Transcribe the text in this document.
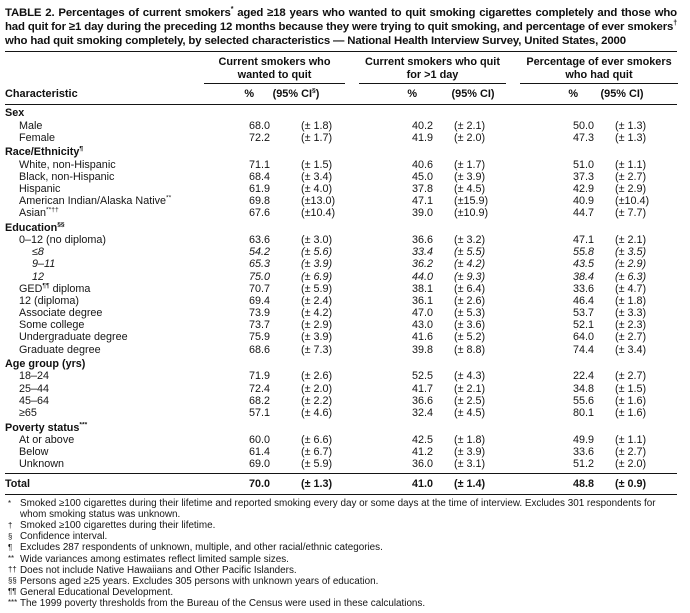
TABLE 2. Percentages of current smokers* aged ≥18 years who wanted to quit smoking cigarettes completely and those who had quit for ≥1 day during the preceding 12 months because they were trying to quit smoking, and percentage of ever smokers† who had quit smoking completely, by selected characteristics — National Health Interview Survey, United States, 2000
Current smokers who wanted to quit
Current smokers who quit for >1 day
Percentage of ever smokers who had quit
Characteristic	%	(95% CI§)	%	(95% CI)	%	(95% CI)
Sex
Male	68.0	(± 1.8)	40.2	(± 2.1)	50.0	(± 1.3)
Female	72.2	(± 1.7)	41.9	(± 2.0)	47.3	(± 1.3)
Race/Ethnicity¶
White, non-Hispanic	71.1	(± 1.5)	40.6	(± 1.7)	51.0	(± 1.1)
Black, non-Hispanic	68.4	(± 3.4)	45.0	(± 3.9)	37.3	(± 2.7)
Hispanic	61.9	(± 4.0)	37.8	(± 4.5)	42.9	(± 2.9)
American Indian/Alaska Native**	69.8	(±13.0)	47.1	(±15.9)	40.9	(±10.4)
Asian**††	67.6	(±10.4)	39.0	(±10.9)	44.7	(± 7.7)
Education§§
0–12 (no diploma)	63.6	(± 3.0)	36.6	(± 3.2)	47.1	(± 2.1)
≤8	54.2	(± 5.6)	33.4	(± 5.5)	55.8	(± 3.5)
9–11	65.3	(± 3.9)	36.2	(± 4.2)	43.5	(± 2.9)
12	75.0	(± 6.9)	44.0	(± 9.3)	38.4	(± 6.3)
GED¶¶ diploma	70.7	(± 5.9)	38.1	(± 6.4)	33.6	(± 4.7)
12 (diploma)	69.4	(± 2.4)	36.1	(± 2.6)	46.4	(± 1.8)
Associate degree	73.9	(± 4.2)	47.0	(± 5.3)	53.7	(± 3.3)
Some college	73.7	(± 2.9)	43.0	(± 3.6)	52.1	(± 2.3)
Undergraduate degree	75.9	(± 3.9)	41.6	(± 5.2)	64.0	(± 2.7)
Graduate degree	68.6	(± 7.3)	39.8	(± 8.8)	74.4	(± 3.4)
Age group (yrs)
18–24	71.9	(± 2.6)	52.5	(± 4.3)	22.4	(± 2.7)
25–44	72.4	(± 2.0)	41.7	(± 2.1)	34.8	(± 1.5)
45–64	68.2	(± 2.2)	36.6	(± 2.5)	55.6	(± 1.6)
≥65	57.1	(± 4.6)	32.4	(± 4.5)	80.1	(± 1.6)
Poverty status***
At or above	60.0	(± 6.6)	42.5	(± 1.8)	49.9	(± 1.1)
Below	61.4	(± 6.7)	41.2	(± 3.9)	33.6	(± 2.7)
Unknown	69.0	(± 5.9)	36.0	(± 3.1)	51.2	(± 2.0)
Total	70.0	(± 1.3)	41.0	(± 1.4)	48.8	(± 0.9)
* Smoked ≥100 cigarettes during their lifetime and reported smoking every day or some days at the time of interview. Excludes 301 respondents for whom smoking status was unknown.
† Smoked ≥100 cigarettes during their lifetime.
§ Confidence interval.
¶ Excludes 287 respondents of unknown, multiple, and other racial/ethnic categories.
** Wide variances among estimates reflect limited sample sizes.
†† Does not include Native Hawaiians and Other Pacific Islanders.
§§ Persons aged ≥25 years. Excludes 305 persons with unknown years of education.
¶¶ General Educational Development.
*** The 1999 poverty thresholds from the Bureau of the Census were used in these calculations.
